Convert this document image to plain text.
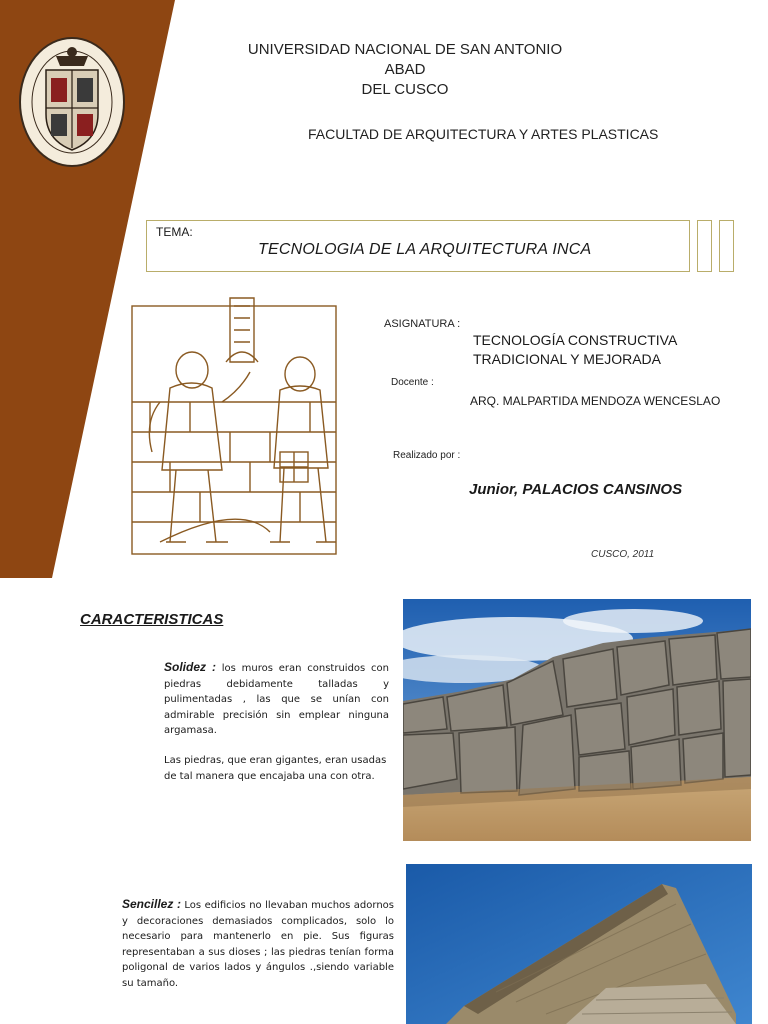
UNIVERSIDAD NACIONAL DE SAN ANTONIO ABAD
DEL CUSCO
FACULTAD DE ARQUITECTURA Y ARTES PLASTICAS
TEMA:
TECNOLOGIA DE LA ARQUITECTURA INCA
ASIGNATURA :
TECNOLOGÍA CONSTRUCTIVA
TRADICIONAL Y MEJORADA
Docente :
ARQ. MALPARTIDA MENDOZA WENCESLAO
Realizado por :
Junior, PALACIOS CANSINOS
CUSCO, 2011
CARACTERISTICAS
Solidez : los muros eran construidos con piedras debidamente talladas y pulimentadas , las que se unían con admirable precisión sin emplear ninguna argamasa.
Las piedras, que eran gigantes, eran usadas de tal manera que encajaba una con otra.
Sencillez : Los edificios no llevaban muchos adornos y decoraciones demasiados complicados, solo lo necesario para mantenerlo en pie. Sus figuras representaban a sus dioses ; las piedras tenían forma poligonal de varios lados y ángulos .,siendo variable su tamaño.
